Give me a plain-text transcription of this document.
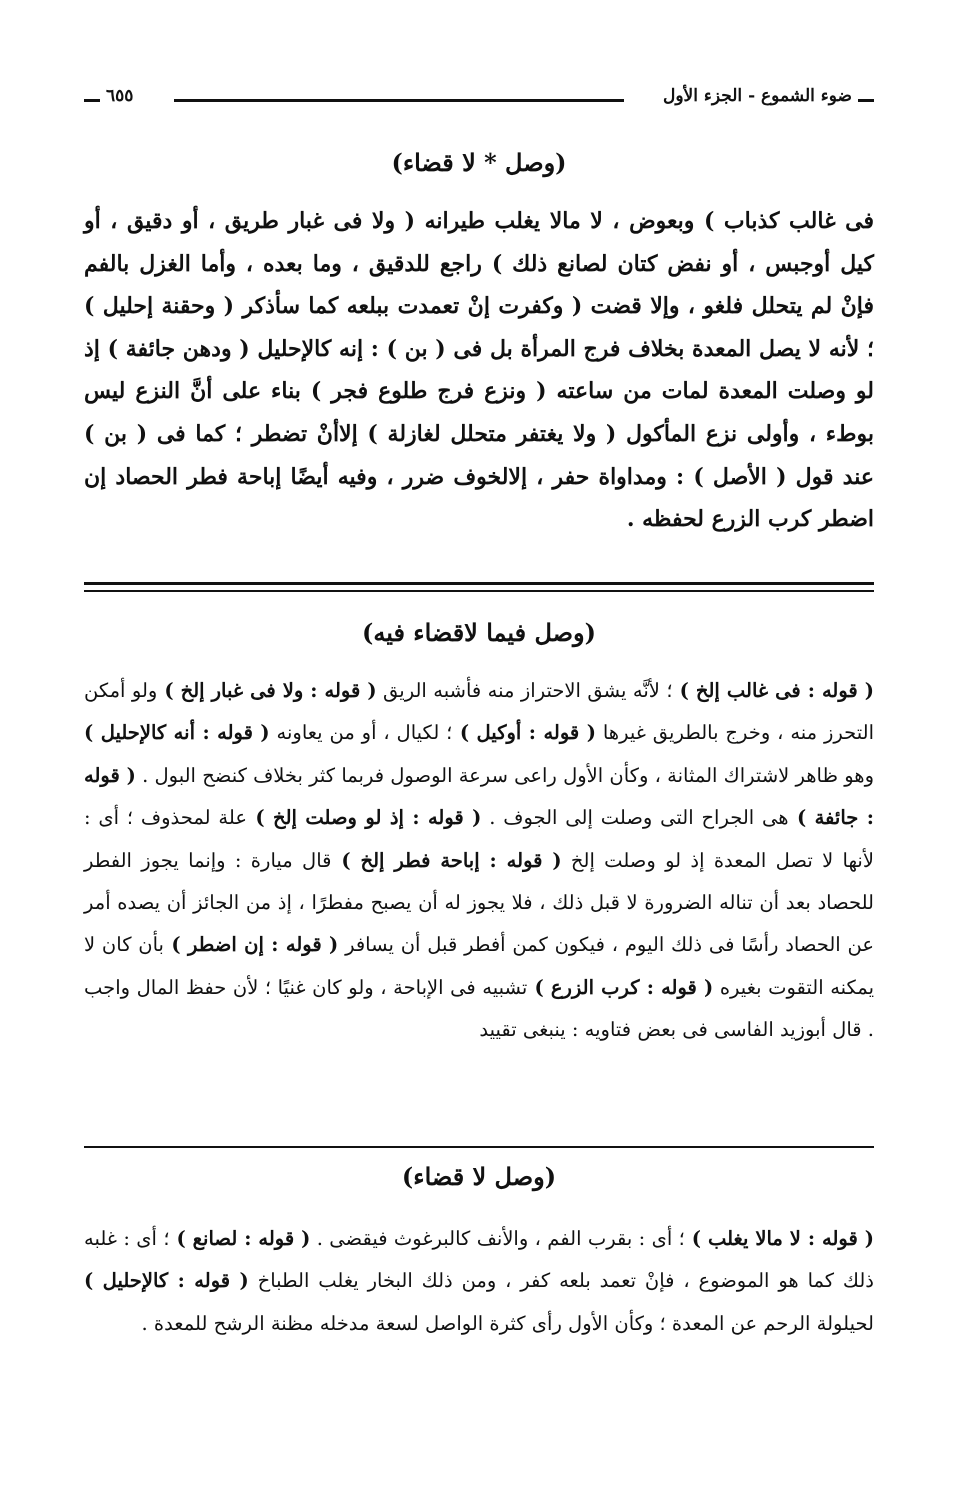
ضوء الشموع - الجزء الأول
٦٥٥
(وصل * لا قضاء)

فى غالب كذباب ) وبعوض ، لا مالا يغلب طيرانه ( ولا فى غبار طريق ، أو دقيق ، أو كيل أوجبس ، أو نفض كتان لصانع ذلك ) راجع للدقيق ، وما بعده ، وأما الغزل بالفم فإنْ لم يتحلل فلغو ، وإلا قضت ( وكفرت إنْ تعمدت ببلعه كما سأذكر ( وحقنة إحليل ) ؛ لأنه لا يصل المعدة بخلاف فرج المرأة بل فى ( بن ) : إنه كالإحليل ( ودهن جائفة ) إذ لو وصلت المعدة لمات من ساعته ( ونزع فرج طلوع فجر ) بناء على أنَّ النزع ليس بوطء ، وأولى نزع المأكول ( ولا يغتفر متحلل لغازلة ) إلاأنْ تضطر ؛ كما فى ( بن ) عند قول ( الأصل ) : ومداواة حفر ، إلالخوف ضرر ، وفيه أيضًا إباحة فطر الحصاد إن اضطر كرب الزرع لحفظه .

(وصل فيما لاقضاء فيه)

( قوله : فى غالب إلخ ) ؛ لأنَّه يشق الاحتراز منه فأشبه الريق ( قوله : ولا فى غبار إلخ ) ولو أمكن التحرز منه ، وخرج بالطريق غيرها ( قوله : أوكيل ) ؛ لكيال ، أو من يعاونه ( قوله : أنه كالإحليل ) وهو ظاهر لاشتراك المثانة ، وكأن الأول راعى سرعة الوصول فربما كثر بخلاف كنضح البول . ( قوله : جائفة ) هى الجراح التى وصلت إلى الجوف . ( قوله : إذ لو وصلت إلخ ) علة لمحذوف ؛ أى : لأنها لا تصل المعدة إذ لو وصلت إلخ ( قوله : إباحة فطر إلخ ) قال ميارة : وإنما يجوز الفطر للحصاد بعد أن تناله الضرورة لا قبل ذلك ، فلا يجوز له أن يصبح مفطرًا ، إذ من الجائز أن يصده أمر عن الحصاد رأسًا فى ذلك اليوم ، فيكون كمن أفطر قبل أن يسافر ( قوله : إن اضطر ) بأن كان لا يمكنه التقوت بغيره ( قوله : كرب الزرع ) تشبيه فى الإباحة ، ولو كان غنيًا ؛ لأن حفظ المال واجب . قال أبوزيد الفاسى فى بعض فتاويه : ينبغى تقييد

(وصل لا قضاء)

( قوله : لا مالا يغلب ) ؛ أى : بقرب الفم ، والأنف كالبرغوث فيقضى . ( قوله : لصانع ) ؛ أى : غلبه ذلك كما هو الموضوع ، فإنْ تعمد بلعه كفر ، ومن ذلك البخار يغلب الطباخ ( قوله : كالإحليل ) لحيلولة الرحم عن المعدة ؛ وكأن الأول رأى كثرة الواصل لسعة مدخله مظنة الرشح للمعدة .
